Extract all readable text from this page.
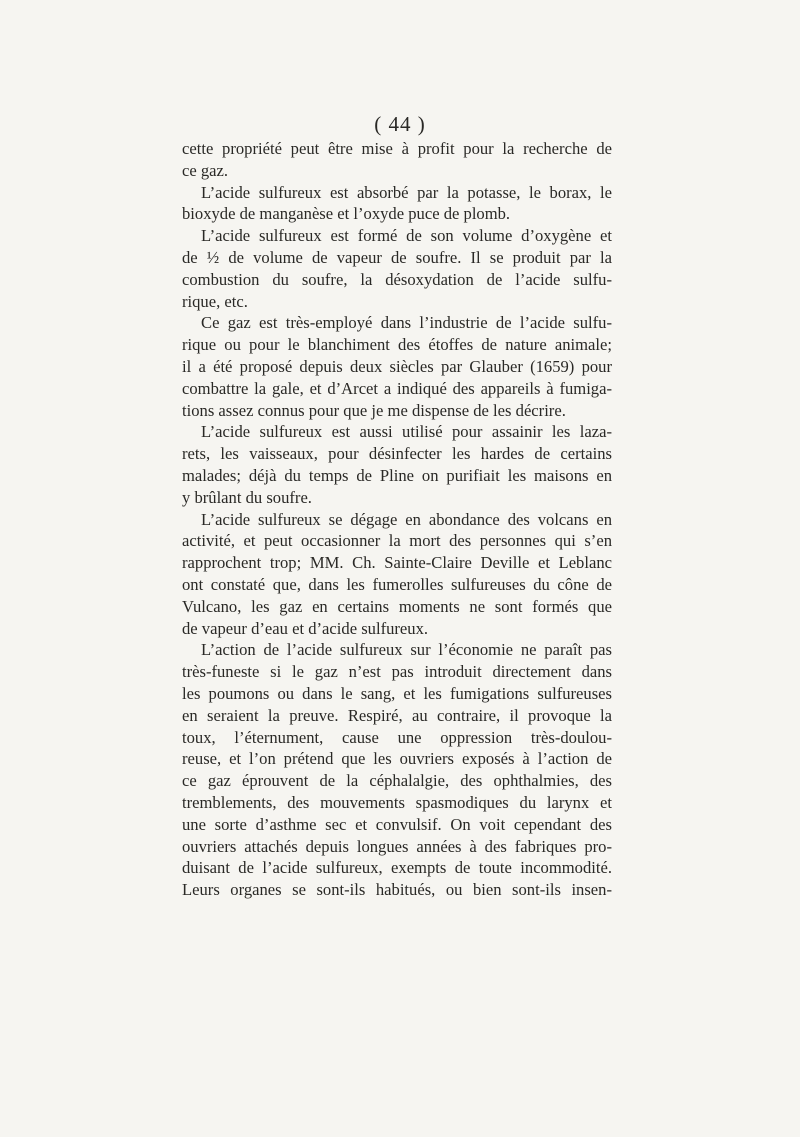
( 44 )
cette propriété peut être mise à profit pour la recherche de
ce gaz.
L’acide sulfureux est absorbé par la potasse, le borax, le
bioxyde de manganèse et l’oxyde puce de plomb.
L’acide sulfureux est formé de son volume d’oxygène et
de ½ de volume de vapeur de soufre. Il se produit par la
combustion du soufre, la désoxydation de l’acide sulfu-
rique, etc.
Ce gaz est très-employé dans l’industrie de l’acide sulfu-
rique ou pour le blanchiment des étoffes de nature animale;
il a été proposé depuis deux siècles par Glauber (1659) pour
combattre la gale, et d’Arcet a indiqué des appareils à fumiga-
tions assez connus pour que je me dispense de les décrire.
L’acide sulfureux est aussi utilisé pour assainir les laza-
rets, les vaisseaux, pour désinfecter les hardes de certains
malades; déjà du temps de Pline on purifiait les maisons en
y brûlant du soufre.
L’acide sulfureux se dégage en abondance des volcans en
activité, et peut occasionner la mort des personnes qui s’en
rapprochent trop; MM. Ch. Sainte-Claire Deville et Leblanc
ont constaté que, dans les fumerolles sulfureuses du cône de
Vulcano, les gaz en certains moments ne sont formés que
de vapeur d’eau et d’acide sulfureux.
L’action de l’acide sulfureux sur l’économie ne paraît pas
très-funeste si le gaz n’est pas introduit directement dans
les poumons ou dans le sang, et les fumigations sulfureuses
en seraient la preuve. Respiré, au contraire, il provoque la
toux, l’éternument, cause une oppression très-doulou-
reuse, et l’on prétend que les ouvriers exposés à l’action de
ce gaz éprouvent de la céphalalgie, des ophthalmies, des
tremblements, des mouvements spasmodiques du larynx et
une sorte d’asthme sec et convulsif. On voit cependant des
ouvriers attachés depuis longues années à des fabriques pro-
duisant de l’acide sulfureux, exempts de toute incommodité.
Leurs organes se sont-ils habitués, ou bien sont-ils insen-
